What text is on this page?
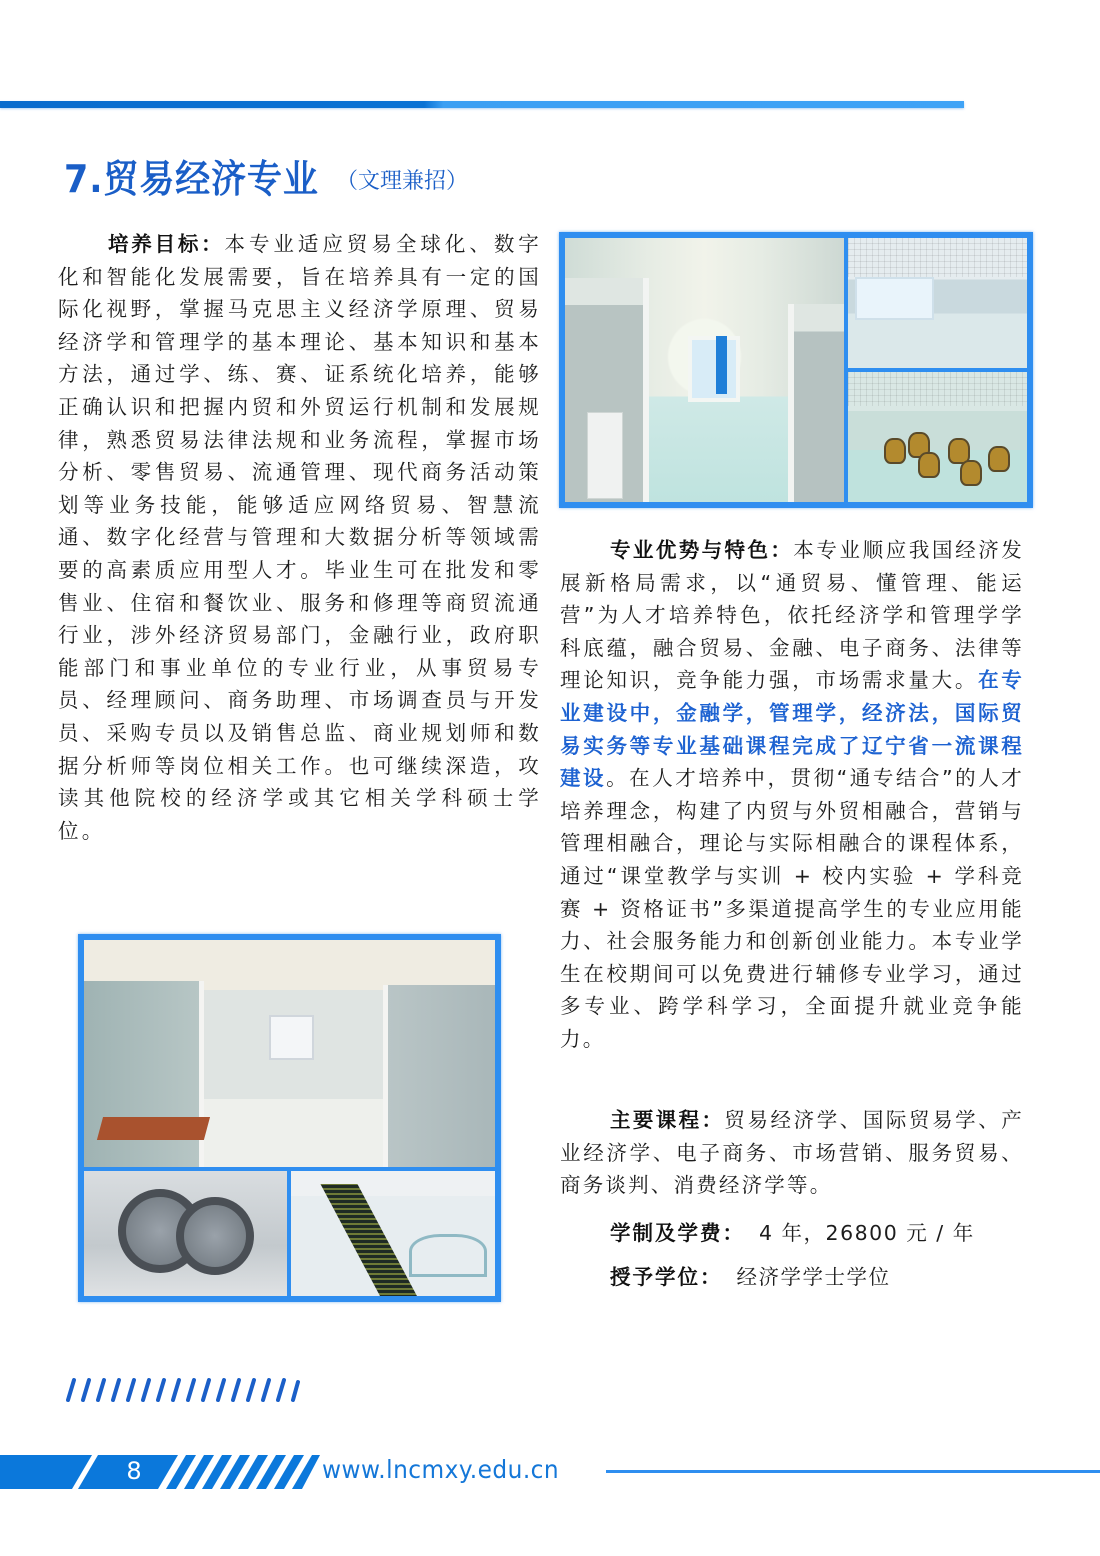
7.贸易经济专业 （文理兼招）
培养目标：本专业适应贸易全球化、数字化和智能化发展需要，旨在培养具有一定的国际化视野，掌握马克思主义经济学原理、贸易经济学和管理学的基本理论、基本知识和基本方法，通过学、练、赛、证系统化培养，能够正确认识和把握内贸和外贸运行机制和发展规律，熟悉贸易法律法规和业务流程，掌握市场分析、零售贸易、流通管理、现代商务活动策划等业务技能，能够适应网络贸易、智慧流通、数字化经营与管理和大数据分析等领域需要的高素质应用型人才。毕业生可在批发和零售业、住宿和餐饮业、服务和修理等商贸流通行业，涉外经济贸易部门，金融行业，政府职能部门和事业单位的专业行业，从事贸易专员、经理顾问、商务助理、市场调查员与开发员、采购专员以及销售总监、商业规划师和数据分析师等岗位相关工作。也可继续深造，攻读其他院校的经济学或其它相关学科硕士学位。
专业优势与特色：本专业顺应我国经济发展新格局需求，以“通贸易、懂管理、能运营”为人才培养特色，依托经济学和管理学学科底蕴，融合贸易、金融、电子商务、法律等理论知识，竞争能力强，市场需求量大。在专业建设中，金融学，管理学，经济法，国际贸易实务等专业基础课程完成了辽宁省一流课程建设。在人才培养中，贯彻“通专结合”的人才培养理念，构建了内贸与外贸相融合，营销与管理相融合，理论与实际相融合的课程体系，通过“课堂教学与实训 + 校内实验 + 学科竞赛 + 资格证书”多渠道提高学生的专业应用能力、社会服务能力和创新创业能力。本专业学生在校期间可以免费进行辅修专业学习，通过多专业、跨学科学习，全面提升就业竞争能力。
主要课程：贸易经济学、国际贸易学、产业经济学、电子商务、市场营销、服务贸易、商务谈判、消费经济学等。
学制及学费： 4 年，26800 元 / 年
授予学位： 经济学学士学位
8	www.lncmxy.edu.cn
